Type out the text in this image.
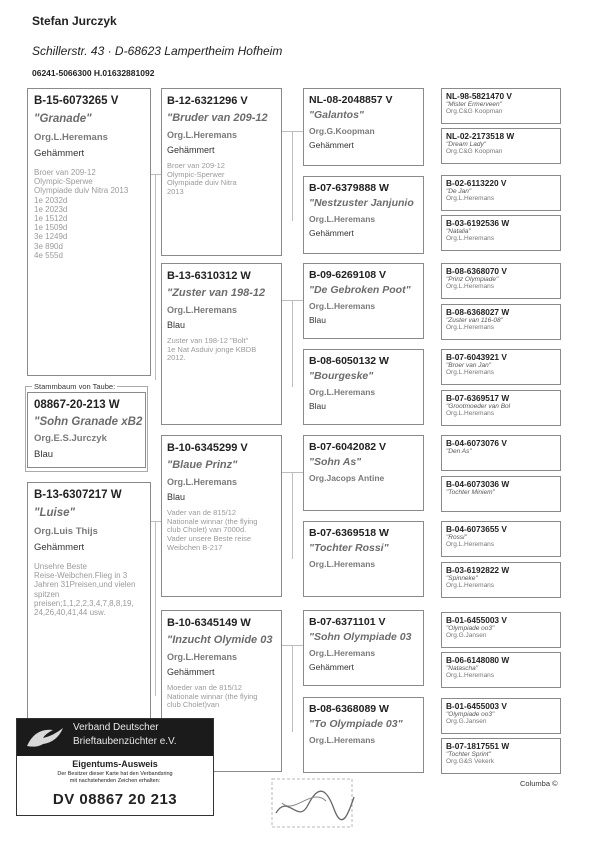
Stefan Jurczyk
Schillerstr. 43 · D-68623 Lampertheim Hofheim
06241-5066300 H.01632881092
B-15-6073265 V
"Granade"
Org.L.Heremans
Gehämmert
Broer van 209-12
Olympic-Sperwe
Olympiade duiv Nitra 2013
1e 2032d
1e 2023d
1e 1512d
1e 1509d
3e 1249d
3e 890d
4e 555d
Stammbaum von Taube:
08867-20-213 W
"Sohn Granade xB2
Org.E.S.Jurczyk
Blau
B-13-6307217 W
"Luise"
Org.Luis Thijs
Gehämmert
Unsehre Beste
Reise-Weibchen.Flieg in 3
Jahren 31Preisen,und vielen
spitzen
preisen;1,1,2,2,3,4,7,8,8,19,
24,26,40,41,44 usw.
B-12-6321296 V
"Bruder van 209-12
Org.L.Heremans
Gehämmert
Broer van 209-12
Olympic-Sperwer
Olympiade duiv Nitra
2013
B-13-6310312 W
"Zuster van 198-12
Org.L.Heremans
Blau
Zuster van 198-12 "Bolt"
1e Nat Asduiv jonge KBDB
2012.
B-10-6345299 V
"Blaue Prinz"
Org.L.Heremans
Blau
Vader van de 815/12
Nationale winnar (the flying
club Cholet) van 7000d.
Vader unsere Beste reise
Weibchen B-217
B-10-6345149 W
"Inzucht Olymide 03
Org.L.Heremans
Gehämmert
Moeder van de 815/12
Nationale winnar (the flying
club Cholet)van

NL-08-2048857 V
"Galantos"
Org.G.Koopman
Gehämmert
B-07-6379888 W
"Nestzuster Janjunio
Org.L.Heremans
Gehämmert
B-09-6269108 V
"De Gebroken Poot"
Org.L.Heremans
Blau
B-08-6050132 W
"Bourgeske"
Org.L.Heremans
Blau
B-07-6042082 V
"Sohn As"
Org.Jacops Antine
B-07-6369518 W
"Tochter Rossi"
Org.L.Heremans
B-07-6371101 V
"Sohn Olympiade 03
Org.L.Heremans
Gehämmert
B-08-6368089 W
"To Olympiade 03"
Org.L.Heremans
NL-98-5821470 V
"Mister Ermerveen"
Org.C&G Koopman
NL-02-2173518 W
"Dream Lady"
Org.C&G Koopman
B-02-6113220 V
"De Jan"
Org.L.Heremans
B-03-6192536 W
"Natalia"
Org.L.Heremans
B-08-6368070 V
"Prinz Olympiade"
Org.L.Heremans
B-08-6368027 W
"Zuster van 116-08"
Org.L.Heremans
B-07-6043921 V
"Broer van Jan"
Org.L.Heremans
B-07-6369517 W
"Grootmoeder van Bol
Org.L.Heremans
B-04-6073076 V
"Den As"
B-04-6073036 W
"Tochter Miniem"
B-04-6073655 V
"Rossi"
Org.L.Heremans
B-03-6192822 W
"Spinneke"
Org.L.Heremans
B-01-6455003 V
"Olympiade oo3"
Org.G.Jansen
B-06-6148080 W
"Natascha"
Org.L.Heremans
B-01-6455003 V
"Olympiade oo3"
Org.G.Jansen
B-07-1817551 W
"Tochter Sprint"
Org.G&S Vekerk
Verband Deutscher
Brieftaubenzüchter e.V.
Eigentums-Ausweis
Der Besitzer dieser Karte hat den Verbandsring
mit nachstehenden Zeichen erhalten:
DV 08867 20 213
Columba ©
